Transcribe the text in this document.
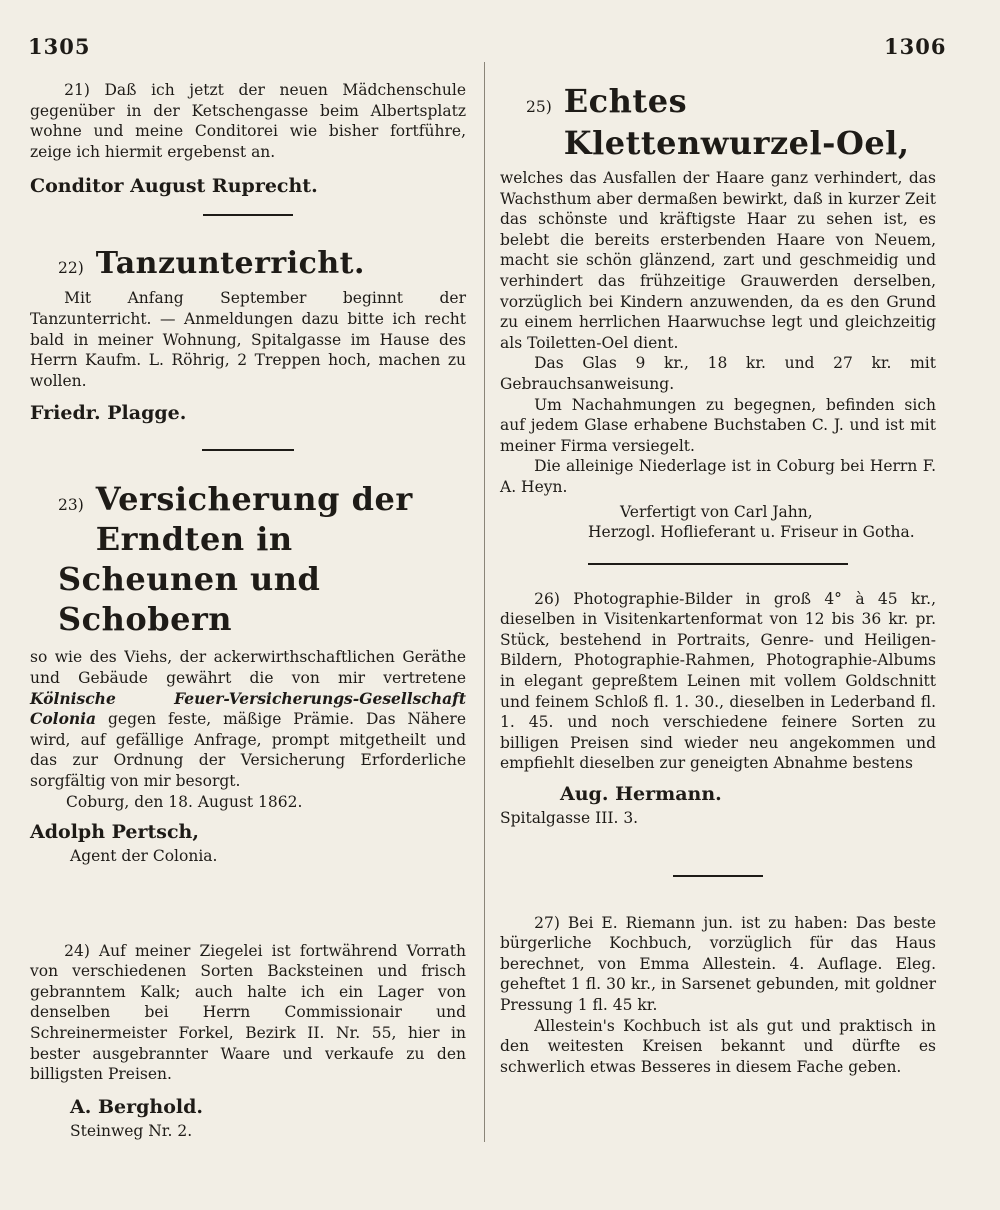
1305	1306

21) Daß ich jetzt der neuen Mädchenschule gegenüber in der Ketschengasse beim Albertsplatz wohne und meine Conditorei wie bisher fortführe, zeige ich hiermit ergebenst an.

Conditor August Ruprecht.

22) Tanzunterricht.

Mit Anfang September beginnt der Tanzunterricht. — Anmeldungen dazu bitte ich recht bald in meiner Wohnung, Spitalgasse im Hause des Herrn Kaufm. L. Röhrig, 2 Treppen hoch, machen zu wollen.

Friedr. Plagge.

23) Versicherung der Erndten in
Scheunen und Schobern

so wie des Viehs, der ackerwirthschaftlichen Geräthe und Gebäude gewährt die von mir vertretene Kölnische Feuer-Versicherungs-Gesellschaft Colonia gegen feste, mäßige Prämie. Das Nähere wird, auf gefällige Anfrage, prompt mitgetheilt und das zur Ordnung der Versicherung Erforderliche sorgfältig von mir besorgt.

Coburg, den 18. August 1862.

Adolph Pertsch,

Agent der Colonia.

24) Auf meiner Ziegelei ist fortwährend Vorrath von verschiedenen Sorten Backsteinen und frisch gebranntem Kalk; auch halte ich ein Lager von denselben bei Herrn Commissionair und Schreinermeister Forkel, Bezirk II. Nr. 55, hier in bester ausgebrannter Waare und verkaufe zu den billigsten Preisen.

A. Berghold.

Steinweg Nr. 2.

25) Echtes Klettenwurzel-Oel,

welches das Ausfallen der Haare ganz verhindert, das Wachsthum aber dermaßen bewirkt, daß in kurzer Zeit das schönste und kräftigste Haar zu sehen ist, es belebt die bereits ersterbenden Haare von Neuem, macht sie schön glänzend, zart und geschmeidig und verhindert das frühzeitige Grauwerden derselben, vorzüglich bei Kindern anzuwenden, da es den Grund zu einem herrlichen Haarwuchse legt und gleichzeitig als Toiletten-Oel dient.

Das Glas 9 kr., 18 kr. und 27 kr. mit Gebrauchsanweisung.

Um Nachahmungen zu begegnen, befinden sich auf jedem Glase erhabene Buchstaben C. J. und ist mit meiner Firma versiegelt.

Die alleinige Niederlage ist in Coburg bei Herrn F. A. Heyn.

Verfertigt von Carl Jahn,

Herzogl. Hoflieferant u. Friseur in Gotha.

26) Photographie-Bilder in groß 4° à 45 kr., dieselben in Visitenkartenformat von 12 bis 36 kr. pr. Stück, bestehend in Portraits, Genre- und Heiligen-Bildern, Photographie-Rahmen, Photographie-Albums in elegant gepreßtem Leinen mit vollem Goldschnitt und feinem Schloß fl. 1. 30., dieselben in Lederband fl. 1. 45. und noch verschiedene feinere Sorten zu billigen Preisen sind wieder neu angekommen und empfiehlt dieselben zur geneigten Abnahme bestens

Aug. Hermann.

Spitalgasse III. 3.

27) Bei E. Riemann jun. ist zu haben: Das beste bürgerliche Kochbuch, vorzüglich für das Haus berechnet, von Emma Allestein. 4. Auflage. Eleg. geheftet 1 fl. 30 kr., in Sarsenet gebunden, mit goldner Pressung 1 fl. 45 kr.

Allestein's Kochbuch ist als gut und praktisch in den weitesten Kreisen bekannt und dürfte es schwerlich etwas Besseres in diesem Fache geben.
